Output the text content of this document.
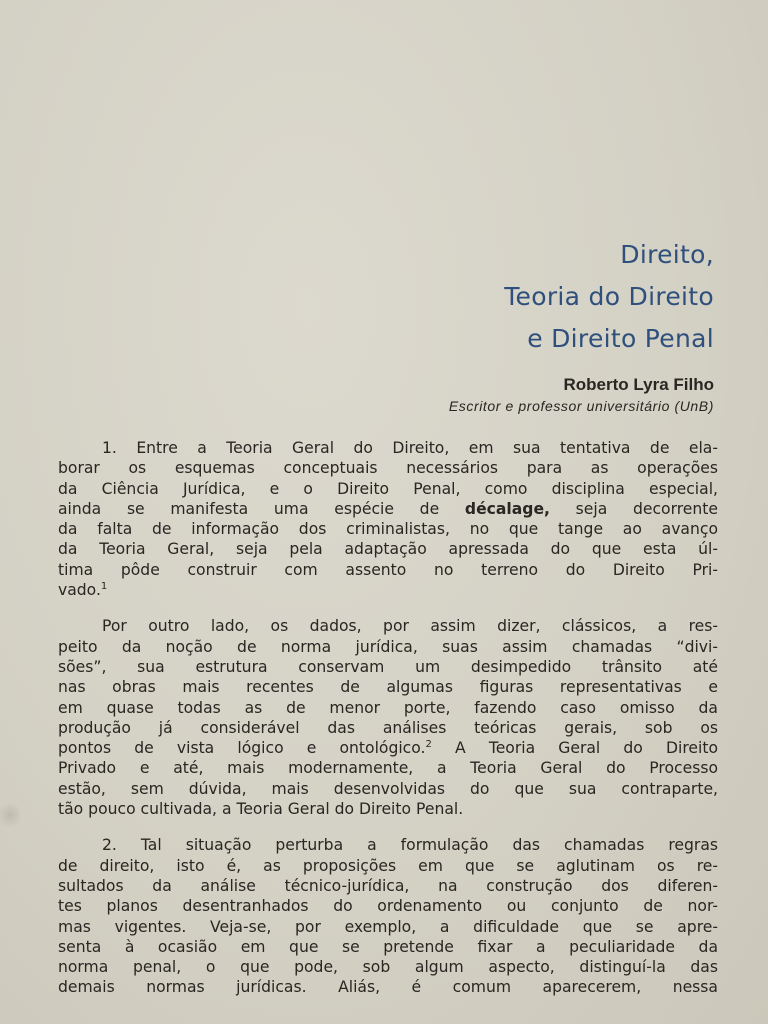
Direito,
Teoria do Direito
e Direito Penal
Roberto Lyra Filho
Escritor e professor universitário (UnB)
1. Entre a Teoria Geral do Direito, em sua tentativa de ela-
borar os esquemas conceptuais necessários para as operações
da Ciência Jurídica, e o Direito Penal, como disciplina especial,
ainda se manifesta uma espécie de décalage, seja decorrente
da falta de informação dos criminalistas, no que tange ao avanço
da Teoria Geral, seja pela adaptação apressada do que esta úl-
tima pôde construir com assento no terreno do Direito Pri-
vado.$^1$
Por outro lado, os dados, por assim dizer, clássicos, a res-
peito da noção de norma jurídica, suas assim chamadas “divi-
sões”, sua estrutura conservam um desimpedido trânsito até
nas obras mais recentes de algumas figuras representativas e
em quase todas as de menor porte, fazendo caso omisso da
produção já considerável das análises teóricas gerais, sob os
pontos de vista lógico e ontológico.$^2$ A Teoria Geral do Direito
Privado e até, mais modernamente, a Teoria Geral do Processo
estão, sem dúvida, mais desenvolvidas do que sua contraparte,
tão pouco cultivada, a Teoria Geral do Direito Penal.
2. Tal situação perturba a formulação das chamadas regras
de direito, isto é, as proposições em que se aglutinam os re-
sultados da análise técnico-jurídica, na construção dos diferen-
tes planos desentranhados do ordenamento ou conjunto de nor-
mas vigentes. Veja-se, por exemplo, a dificuldade que se apre-
senta à ocasião em que se pretende fixar a peculiaridade da
norma penal, o que pode, sob algum aspecto, distinguí-la das
demais normas jurídicas. Aliás, é comum aparecerem, nessa
